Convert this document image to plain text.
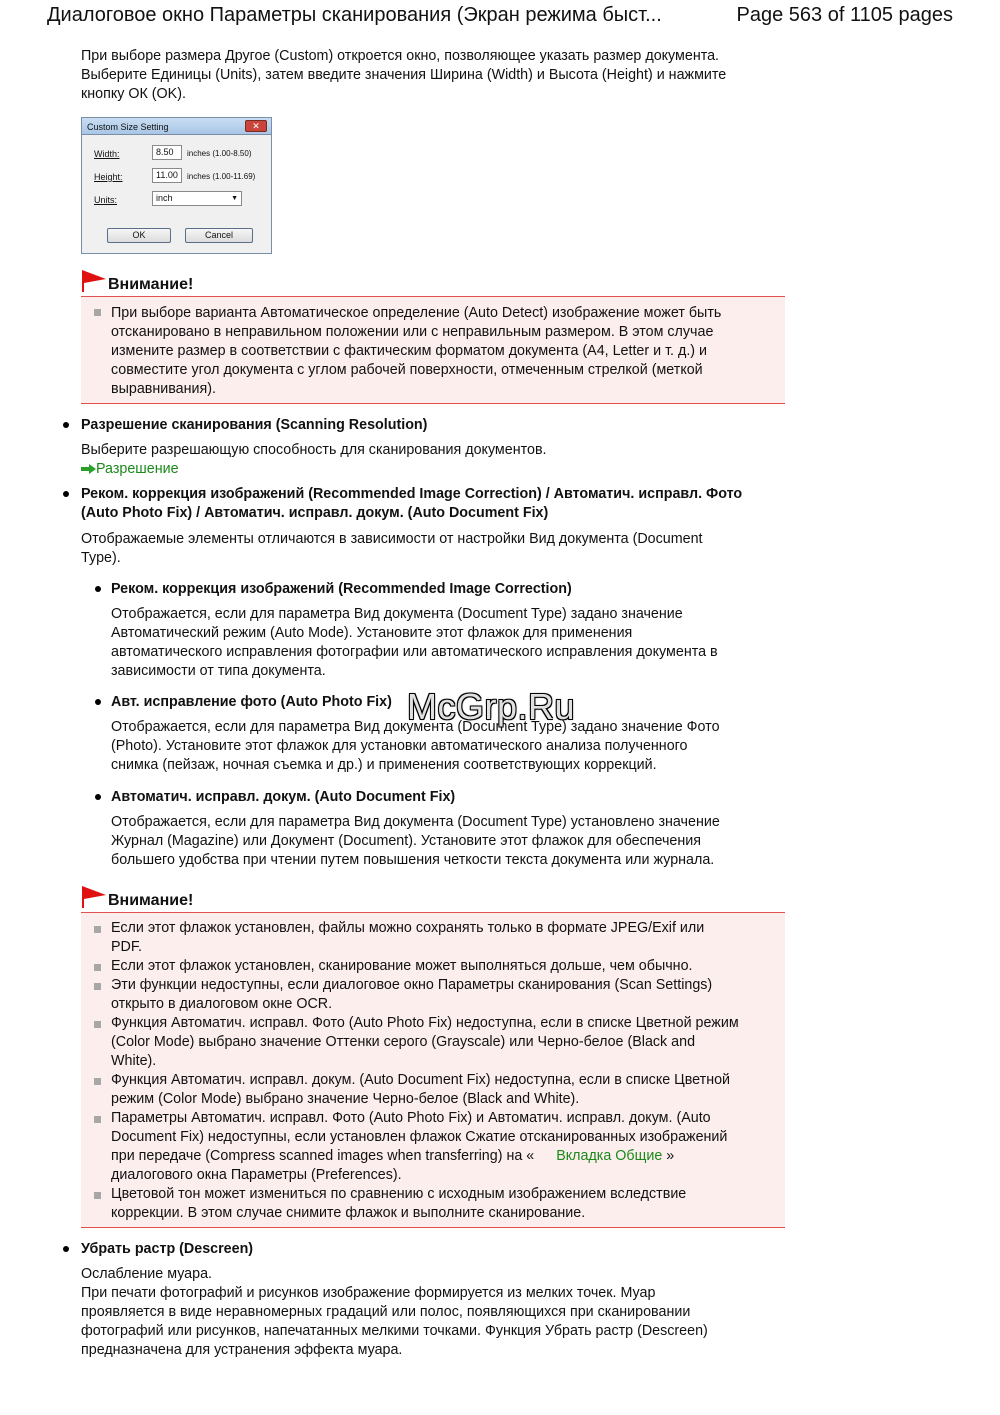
Диалоговое окно Параметры сканирования (Экран режима быст...	Page 563 of 1105 pages
При выборе размера Другое (Custom) откроется окно, позволяющее указать размер документа.
Выберите Единицы (Units), затем введите значения Ширина (Width) и Высота (Height) и нажмите
кнопку ОК (OK).
Custom Size Setting	✕
Width:	8.50	inches (1.00-8.50)
Height:	11.00	inches (1.00-11.69)
Units:	inch	▼
OK	Cancel
Внимание!
При выборе варианта Автоматическое определение (Auto Detect) изображение может быть
отсканировано в неправильном положении или с неправильным размером. В этом случае
измените размер в соответствии с фактическим форматом документа (A4, Letter и т. д.) и
совместите угол документа с углом рабочей поверхности, отмеченным стрелкой (меткой
выравнивания).
Разрешение сканирования (Scanning Resolution)
Выберите разрешающую способность для сканирования документов.
Разрешение
Реком. коррекция изображений (Recommended Image Correction) / Автоматич. исправл. Фото
(Auto Photo Fix) / Автоматич. исправл. докум. (Auto Document Fix)
Отображаемые элементы отличаются в зависимости от настройки Вид документа (Document
Type).
Реком. коррекция изображений (Recommended Image Correction)
Отображается, если для параметра Вид документа (Document Type) задано значение
Автоматический режим (Auto Mode). Установите этот флажок для применения
автоматического исправления фотографии или автоматического исправления документа в
зависимости от типа документа.
Авт. исправление фото (Auto Photo Fix)
Отображается, если для параметра Вид документа (Document Type) задано значение Фото
(Photo). Установите этот флажок для установки автоматического анализа полученного
снимка (пейзаж, ночная съемка и др.) и применения соответствующих коррекций.
Автоматич. исправл. докум. (Auto Document Fix)
Отображается, если для параметра Вид документа (Document Type) установлено значение
Журнал (Magazine) или Документ (Document). Установите этот флажок для обеспечения
большего удобства при чтении путем повышения четкости текста документа или журнала.
McGrp.Ru
Внимание!
Если этот флажок установлен, файлы можно сохранять только в формате JPEG/Exif или
PDF.
Если этот флажок установлен, сканирование может выполняться дольше, чем обычно.
Эти функции недоступны, если диалоговое окно Параметры сканирования (Scan Settings)
открыто в диалоговом окне OCR.
Функция Автоматич. исправл. Фото (Auto Photo Fix) недоступна, если в списке Цветной режим
(Color Mode) выбрано значение Оттенки серого (Grayscale) или Черно-белое (Black and
White).
Функция Автоматич. исправл. докум. (Auto Document Fix) недоступна, если в списке Цветной
режим (Color Mode) выбрано значение Черно-белое (Black and White).
Параметры Автоматич. исправл. Фото (Auto Photo Fix) и Автоматич. исправл. докум. (Auto
Document Fix) недоступны, если установлен флажок Сжатие отсканированных изображений
при передаче (Compress scanned images when transferring) на « Вкладка Общие »
диалогового окна Параметры (Preferences).
Цветовой тон может измениться по сравнению с исходным изображением вследствие
коррекции. В этом случае снимите флажок и выполните сканирование.
Убрать растр (Descreen)
Ослабление муара.
При печати фотографий и рисунков изображение формируется из мелких точек. Муар
проявляется в виде неравномерных градаций или полос, появляющихся при сканировании
фотографий или рисунков, напечатанных мелкими точками. Функция Убрать растр (Descreen)
предназначена для устранения эффекта муара.
